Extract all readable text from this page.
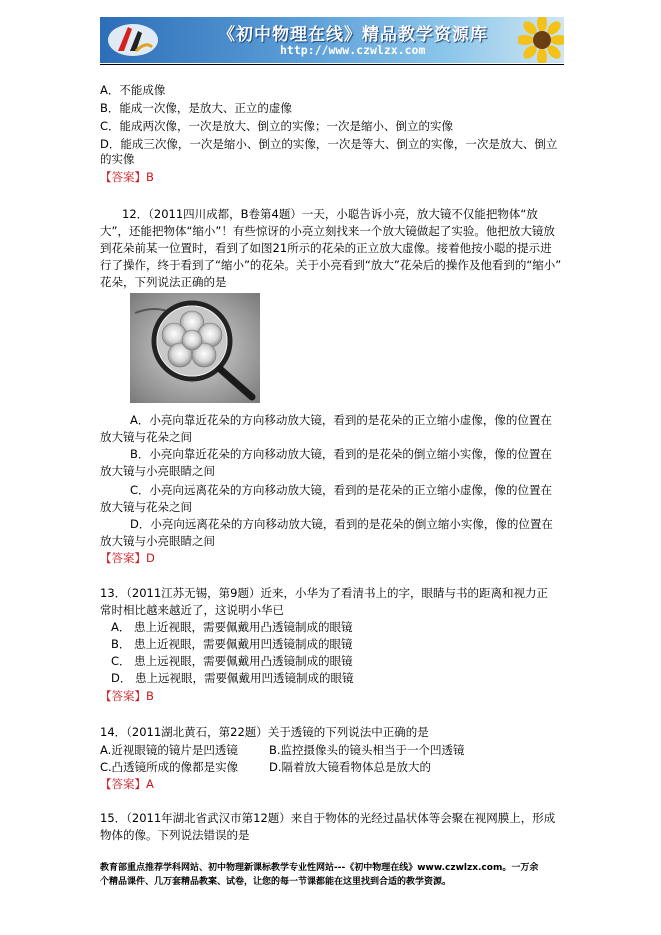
《初中物理在线》精品教学资源库
http://www.czwlzx.com
A．不能成像
B．能成一次像，是放大、正立的虚像
C．能成两次像，一次是放大、倒立的实像；一次是缩小、倒立的实像
D．能成三次像，一次是缩小、倒立的实像，一次是等大、倒立的实像，一次是放大、倒立
的实像
【答案】B
12．（2011四川成都，B卷第4题）一天，小聪告诉小亮，放大镜不仅能把物体“放
大”，还能把物体“缩小”！有些惊讶的小亮立刻找来一个放大镜做起了实验。他把放大镜放
到花朵前某一位置时，看到了如图21所示的花朵的正立放大虚像。接着他按小聪的提示进
行了操作，终于看到了“缩小”的花朵。关于小亮看到“放大”花朵后的操作及他看到的“缩小”
花朵，下列说法正确的是
A．小亮向靠近花朵的方向移动放大镜，看到的是花朵的正立缩小虚像，像的位置在
放大镜与花朵之间
B．小亮向靠近花朵的方向移动放大镜，看到的是花朵的倒立缩小实像，像的位置在
放大镜与小亮眼睛之间
C．小亮向远离花朵的方向移动放大镜，看到的是花朵的正立缩小虚像，像的位置在
放大镜与花朵之间
D．小亮向远离花朵的方向移动放大镜，看到的是花朵的倒立缩小实像，像的位置在
放大镜与小亮眼睛之间
【答案】D
13．（2011江苏无锡，第9题）近来，小华为了看清书上的字，眼睛与书的距离和视力正
常时相比越来越近了，这说明小华已
A． 患上近视眼，需要佩戴用凸透镜制成的眼镜
B． 患上近视眼，需要佩戴用凹透镜制成的眼镜
C． 患上远视眼，需要佩戴用凸透镜制成的眼镜
D． 患上远视眼，需要佩戴用凹透镜制成的眼镜
【答案】B
14．（2011湖北黄石，第22题）关于透镜的下列说法中正确的是
A.近视眼镜的镜片是凹透镜	B.监控摄像头的镜头相当于一个凹透镜
C.凸透镜所成的像都是实像	D.隔着放大镜看物体总是放大的
【答案】A
15．（2011年湖北省武汉市第12题）来自于物体的光经过晶状体等会聚在视网膜上，形成
物体的像。下列说法错误的是
教育部重点推荐学科网站、初中物理新课标教学专业性网站---《初中物理在线》www.czwlzx.com。一万余
个精品课件、几万套精品教案、试卷，让您的每一节课都能在这里找到合适的教学资源。
